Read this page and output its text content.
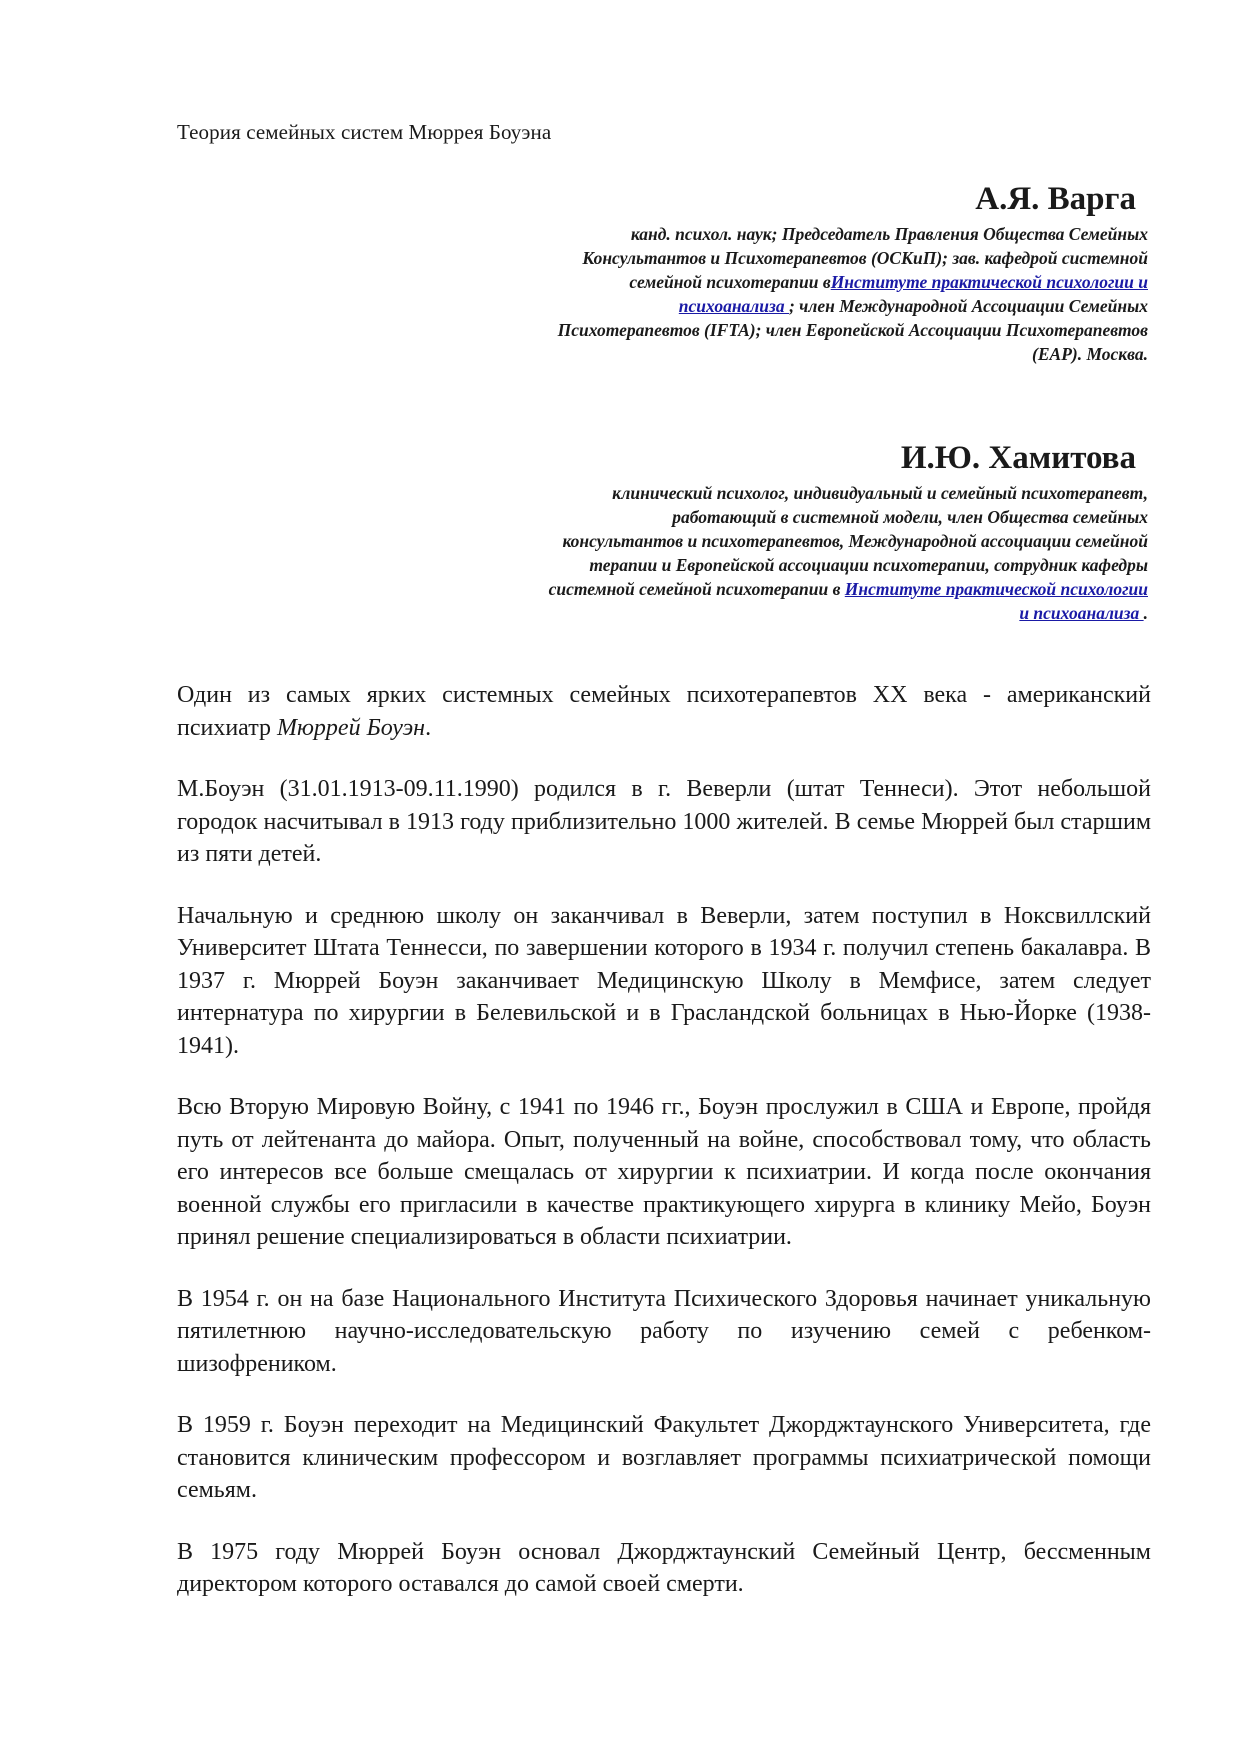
Теория семейных систем Мюррея Боуэна
А.Я. Варга
канд. психол. наук; Председатель Правления Общества Семейных Консультантов и Психотерапевтов (ОСКиП); зав. кафедрой системной семейной психотерапии вИнституте практической психологии и психоанализа ; член Международной Ассоциации Семейных Психотерапевтов (IFTA); член Европейской Ассоциации Психотерапевтов (EAP). Москва.
И.Ю. Хамитова
клинический психолог, индивидуальный и семейный психотерапевт, работающий в системной модели, член Общества семейных консультантов и психотерапевтов, Международной ассоциации семейной терапии и Европейской ассоциации психотерапии, сотрудник кафедры системной семейной психотерапии в Институте практической психологии и психоанализа .

Один из самых ярких системных семейных психотерапевтов XX века - американский психиатр Мюррей Боуэн.

М.Боуэн (31.01.1913-09.11.1990) родился в г. Веверли (штат Теннеси). Этот небольшой городок насчитывал в 1913 году приблизительно 1000 жителей. В семье Мюррей был старшим из пяти детей.

Начальную и среднюю школу он заканчивал в Веверли, затем поступил в Ноксвиллский Университет Штата Теннесси, по завершении которого в 1934 г. получил степень бакалавра. В 1937 г. Мюррей Боуэн заканчивает Медицинскую Школу в Мемфисе, затем следует интернатура по хирургии в Белевильской и в Граcландской больницах в Нью-Йорке (1938-1941).

Всю Вторую Мировую Войну, с 1941 по 1946 гг., Боуэн прослужил в США и Европе, пройдя путь от лейтенанта до майора. Опыт, полученный на войне, способствовал тому, что область его интересов все больше смещалась от хирургии к психиатрии. И когда после окончания военной службы его пригласили в качестве практикующего хирурга в клинику Мейо, Боуэн принял решение специализироваться в области психиатрии.

В 1954 г. он на базе Национального Института Психического Здоровья начинает уникальную пятилетнюю научно-исследовательскую работу по изучению семей с ребенком-шизофреником.

В 1959 г. Боуэн переходит на Медицинский Факультет Джорджтаунского Университета, где становится клиническим профессором и возглавляет программы психиатрической помощи семьям.

В 1975 году Мюррей Боуэн основал Джорджтаунский Семейный Центр, бессменным директором которого оставался до самой своей смерти.
